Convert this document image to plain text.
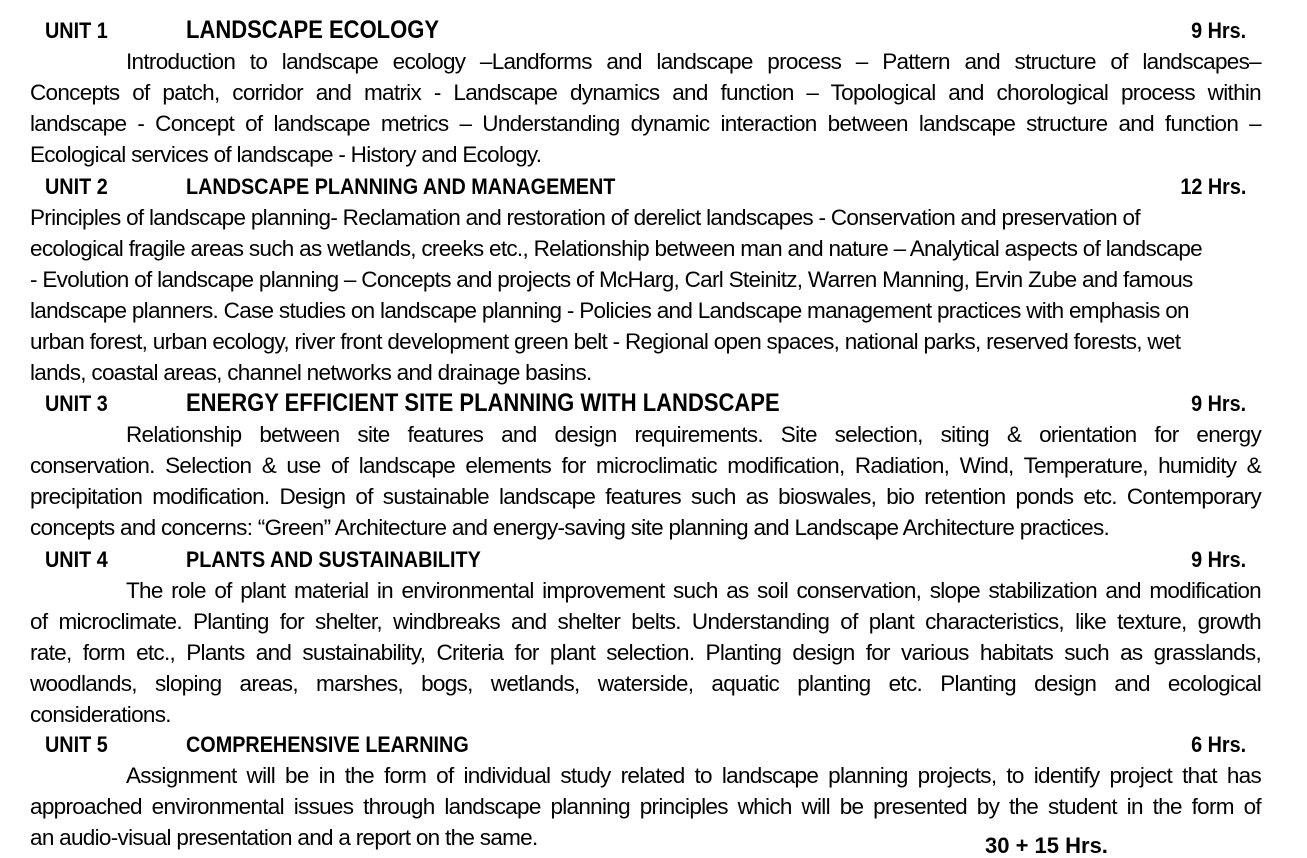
UNIT 1	LANDSCAPE ECOLOGY	9 Hrs.
Introduction to landscape ecology –Landforms and landscape process – Pattern and structure of landscapes–
Concepts of patch, corridor and matrix - Landscape dynamics and function – Topological and chorological process within
landscape - Concept of landscape metrics – Understanding dynamic interaction between landscape structure and function –
Ecological services of landscape - History and Ecology.
UNIT 2	LANDSCAPE PLANNING AND MANAGEMENT	12 Hrs.
Principles of landscape planning- Reclamation and restoration of derelict landscapes - Conservation and preservation of
ecological fragile areas such as wetlands, creeks etc., Relationship between man and nature – Analytical aspects of landscape
- Evolution of landscape planning – Concepts and projects of McHarg, Carl Steinitz, Warren Manning, Ervin Zube and famous
landscape planners. Case studies on landscape planning - Policies and Landscape management practices with emphasis on
urban forest, urban ecology, river front development green belt - Regional open spaces, national parks, reserved forests, wet
lands, coastal areas, channel networks and drainage basins.
UNIT 3	ENERGY EFFICIENT SITE PLANNING WITH LANDSCAPE	9 Hrs.
Relationship between site features and design requirements. Site selection, siting & orientation for energy
conservation. Selection & use of landscape elements for microclimatic modification, Radiation, Wind, Temperature, humidity &
precipitation modification. Design of sustainable landscape features such as bioswales, bio retention ponds etc. Contemporary
concepts and concerns: “Green” Architecture and energy-saving site planning and Landscape Architecture practices.
UNIT 4	PLANTS AND SUSTAINABILITY	9 Hrs.
The role of plant material in environmental improvement such as soil conservation, slope stabilization and modification
of microclimate. Planting for shelter, windbreaks and shelter belts. Understanding of plant characteristics, like texture, growth
rate, form etc., Plants and sustainability, Criteria for plant selection. Planting design for various habitats such as grasslands,
woodlands, sloping areas, marshes, bogs, wetlands, waterside, aquatic planting etc. Planting design and ecological
considerations.
UNIT 5	COMPREHENSIVE LEARNING	6 Hrs.
Assignment will be in the form of individual study related to landscape planning projects, to identify project that has
approached environmental issues through landscape planning principles which will be presented by the student in the form of
an audio-visual presentation and a report on the same.	30 + 15 Hrs.
